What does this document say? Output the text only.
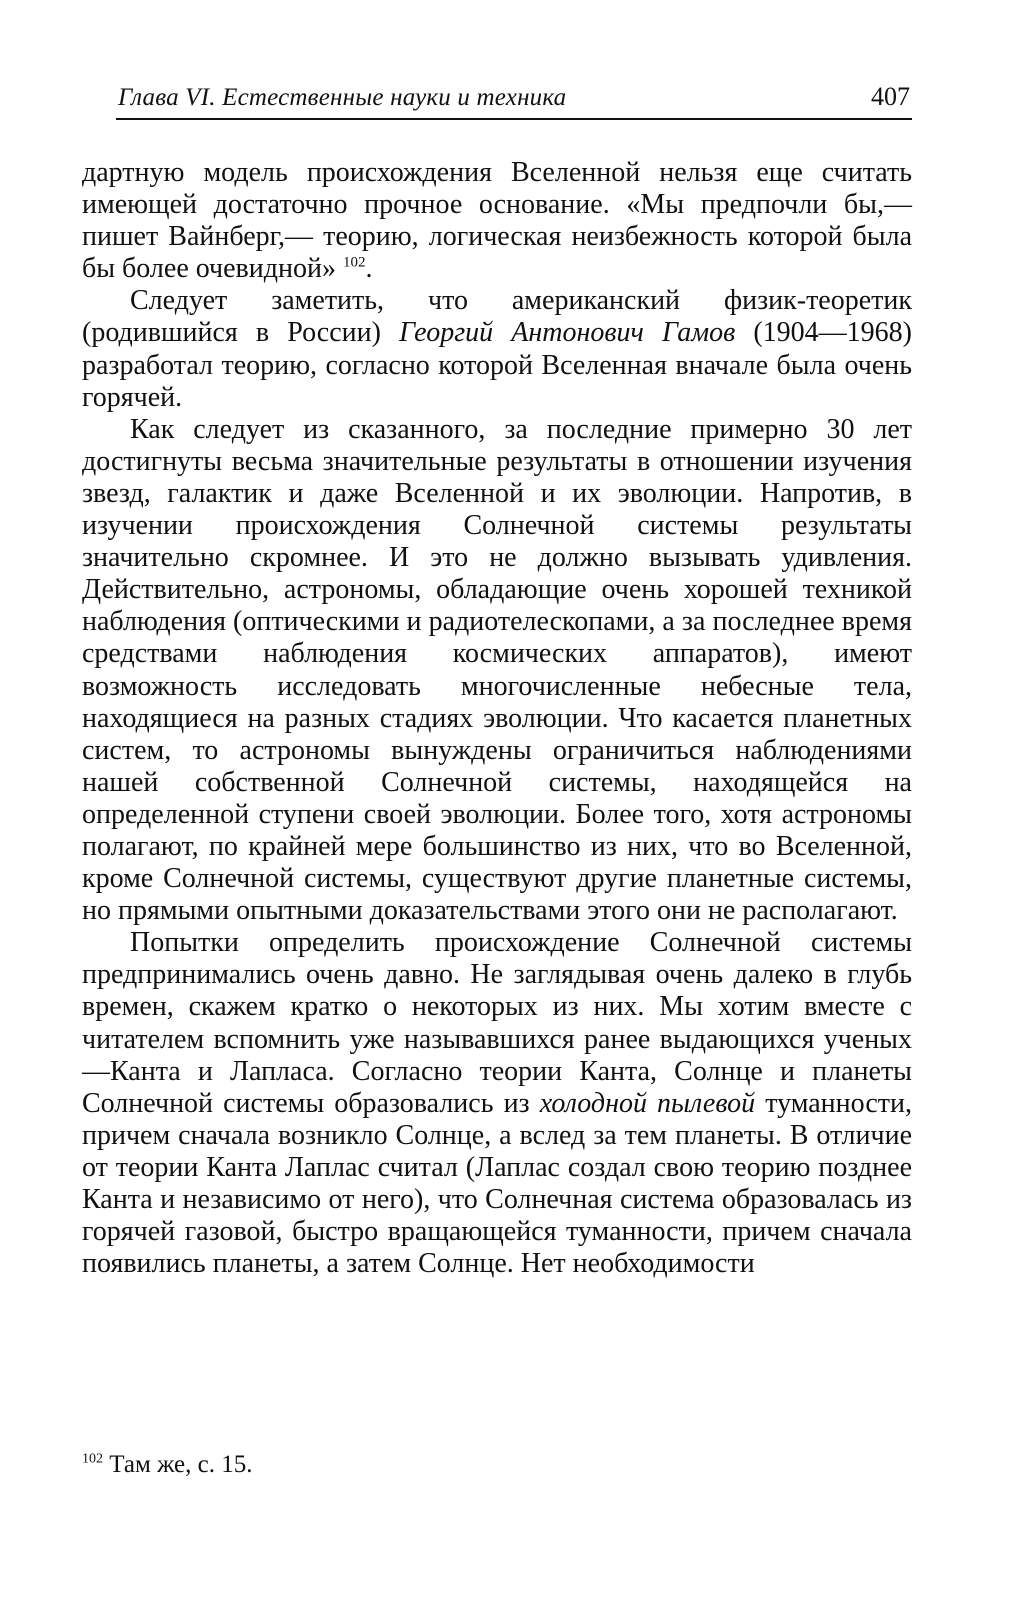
Глава VI. Естественные науки и техника	407

дартную модель происхождения Вселенной нельзя еще считать имеющей достаточно прочное основание. «Мы предпочли бы,— пишет Вайнберг,— теорию, логическая неизбежность которой была бы более очевидной» $^{102}$.

Следует заметить, что американский физик-теоретик (родившийся в России) Георгий Антонович Гамов (1904—1968) разработал теорию, согласно которой Вселенная вначале была очень горячей.

Как следует из сказанного, за последние примерно 30 лет достигнуты весьма значительные результаты в отношении изучения звезд, галактик и даже Вселенной и их эволюции. Напротив, в изучении происхождения Солнечной системы результаты значительно скромнее. И это не должно вызывать удивления. Действительно, астрономы, обладающие очень хорошей техникой наблюдения (оптическими и радиотелескопами, а за последнее время средствами наблюдения космических аппаратов), имеют возможность исследовать многочисленные небесные тела, находящиеся на разных стадиях эволюции. Что касается планетных систем, то астрономы вынуждены ограничиться наблюдениями нашей собственной Солнечной системы, находящейся на определенной ступени своей эволюции. Более того, хотя астрономы полагают, по крайней мере большинство из них, что во Вселенной, кроме Солнечной системы, существуют другие планетные системы, но прямыми опытными доказательствами этого они не располагают.

Попытки определить происхождение Солнечной системы предпринимались очень давно. Не заглядывая очень далеко в глубь времен, скажем кратко о некоторых из них. Мы хотим вместе с читателем вспомнить уже называвшихся ранее выдающихся ученых—Канта и Лапласа. Согласно теории Канта, Солнце и планеты Солнечной системы образовались из холодной пылевой туманности, причем сначала возникло Солнце, а вслед за тем планеты. В отличие от теории Канта Лаплас считал (Лаплас создал свою теорию позднее Канта и независимо от него), что Солнечная система образовалась из горячей газовой, быстро вращающейся туманности, причем сначала появились планеты, а затем Солнце. Нет необходимости

$^{102}$ Там же, с. 15.
